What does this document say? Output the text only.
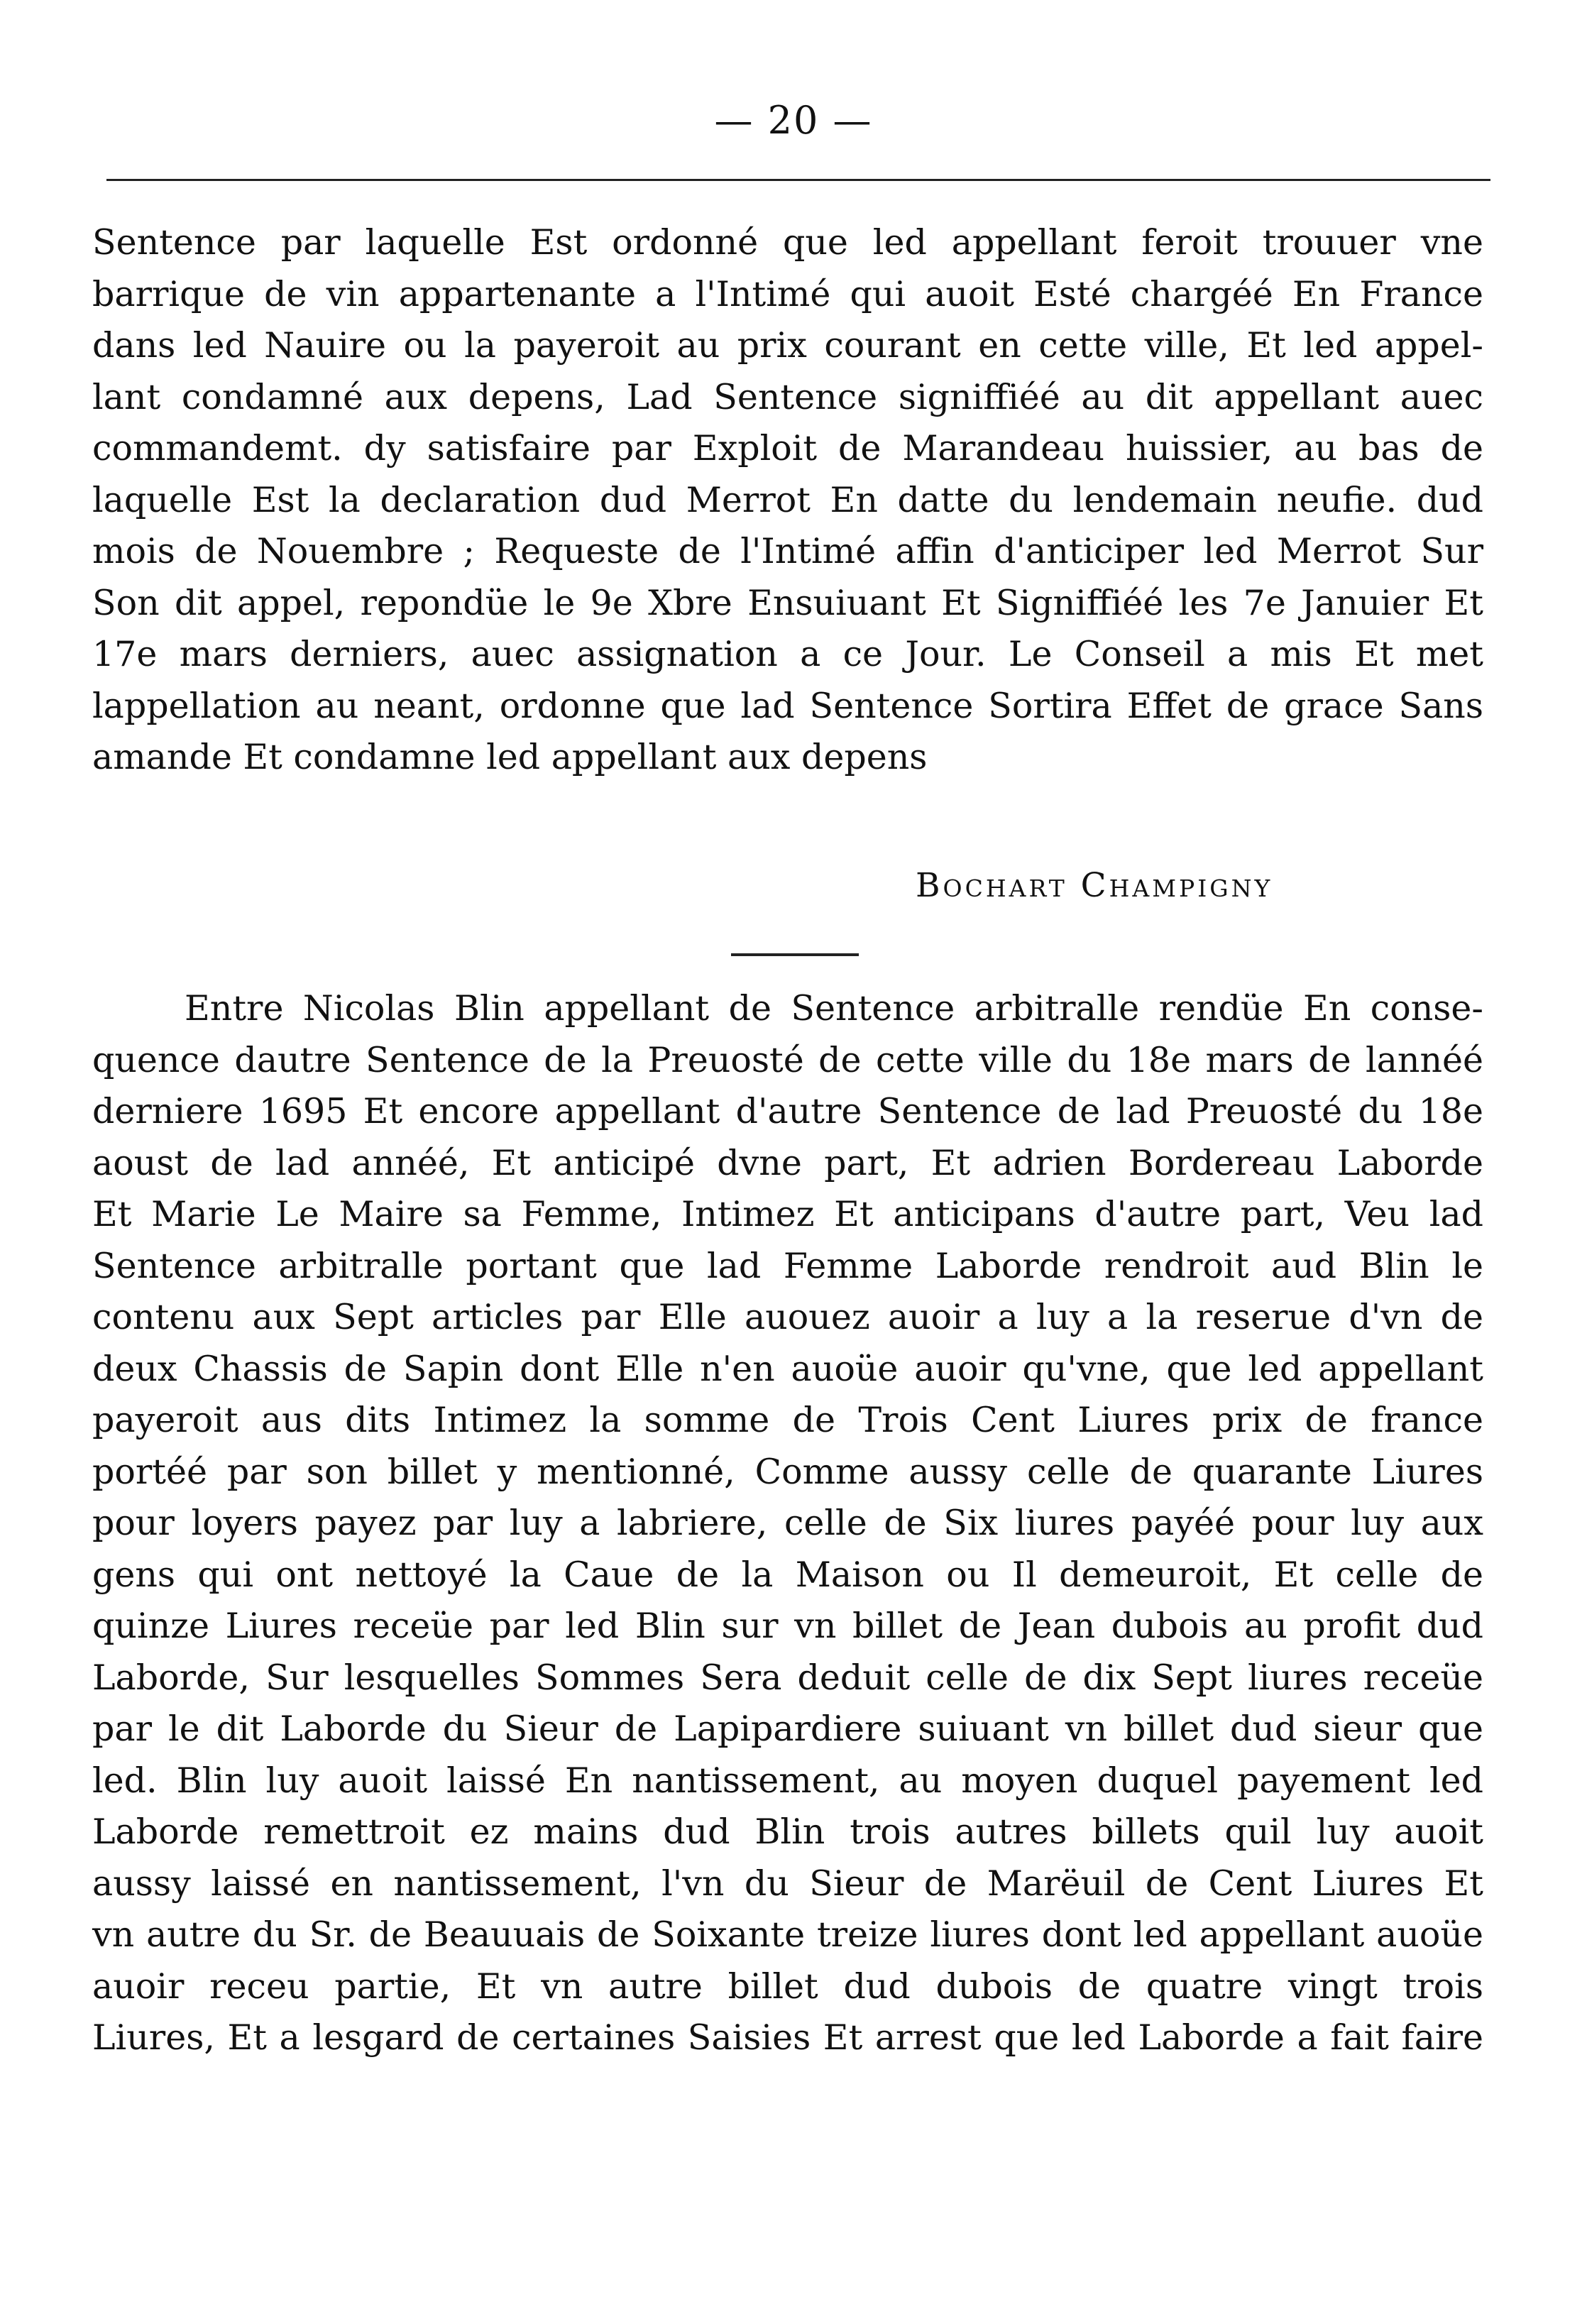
— 20 —
Sentence par laquelle Est ordonné que led appellant feroit trouuer vne
barrique de vin appartenante a l'Intimé qui auoit Esté chargéé En France
dans led Nauire ou la payeroit au prix courant en cette ville, Et led appel-
lant condamné aux depens, Lad Sentence signiffiéé au dit appellant auec
commandemt. dy satisfaire par Exploit de Marandeau huissier, au bas de
laquelle Est la declaration dud Merrot En datte du lendemain neufie. dud
mois de Nouembre ; Requeste de l'Intimé affin d'anticiper led Merrot Sur
Son dit appel, repondüe le 9e Xbre Ensuiuant Et Signiffiéé les 7e Januier Et
17e mars derniers, auec assignation a ce Jour. Le Conseil a mis Et met
lappellation au neant, ordonne que lad Sentence Sortira Effet de grace Sans
amande Et condamne led appellant aux depens
Bochart Champigny
Entre Nicolas Blin appellant de Sentence arbitralle rendüe En conse-
quence dautre Sentence de la Preuosté de cette ville du 18e mars de lannéé
derniere 1695 Et encore appellant d'autre Sentence de lad Preuosté du 18e
aoust de lad annéé, Et anticipé dvne part, Et adrien Bordereau Laborde
Et Marie Le Maire sa Femme, Intimez Et anticipans d'autre part, Veu lad
Sentence arbitralle portant que lad Femme Laborde rendroit aud Blin le
contenu aux Sept articles par Elle auouez auoir a luy a la reserue d'vn de
deux Chassis de Sapin dont Elle n'en auoüe auoir qu'vne, que led appellant
payeroit aus dits Intimez la somme de Trois Cent Liures prix de france
portéé par son billet y mentionné, Comme aussy celle de quarante Liures
pour loyers payez par luy a labriere, celle de Six liures payéé pour luy aux
gens qui ont nettoyé la Caue de la Maison ou Il demeuroit, Et celle de
quinze Liures receüe par led Blin sur vn billet de Jean dubois au profit dud
Laborde, Sur lesquelles Sommes Sera deduit celle de dix Sept liures receüe
par le dit Laborde du Sieur de Lapipardiere suiuant vn billet dud sieur que
led. Blin luy auoit laissé En nantissement, au moyen duquel payement led
Laborde remettroit ez mains dud Blin trois autres billets quil luy auoit
aussy laissé en nantissement, l'vn du Sieur de Marëuil de Cent Liures Et
vn autre du Sr. de Beauuais de Soixante treize liures dont led appellant auoüe
auoir receu partie, Et vn autre billet dud dubois de quatre vingt trois
Liures, Et a lesgard de certaines Saisies Et arrest que led Laborde a fait faire
